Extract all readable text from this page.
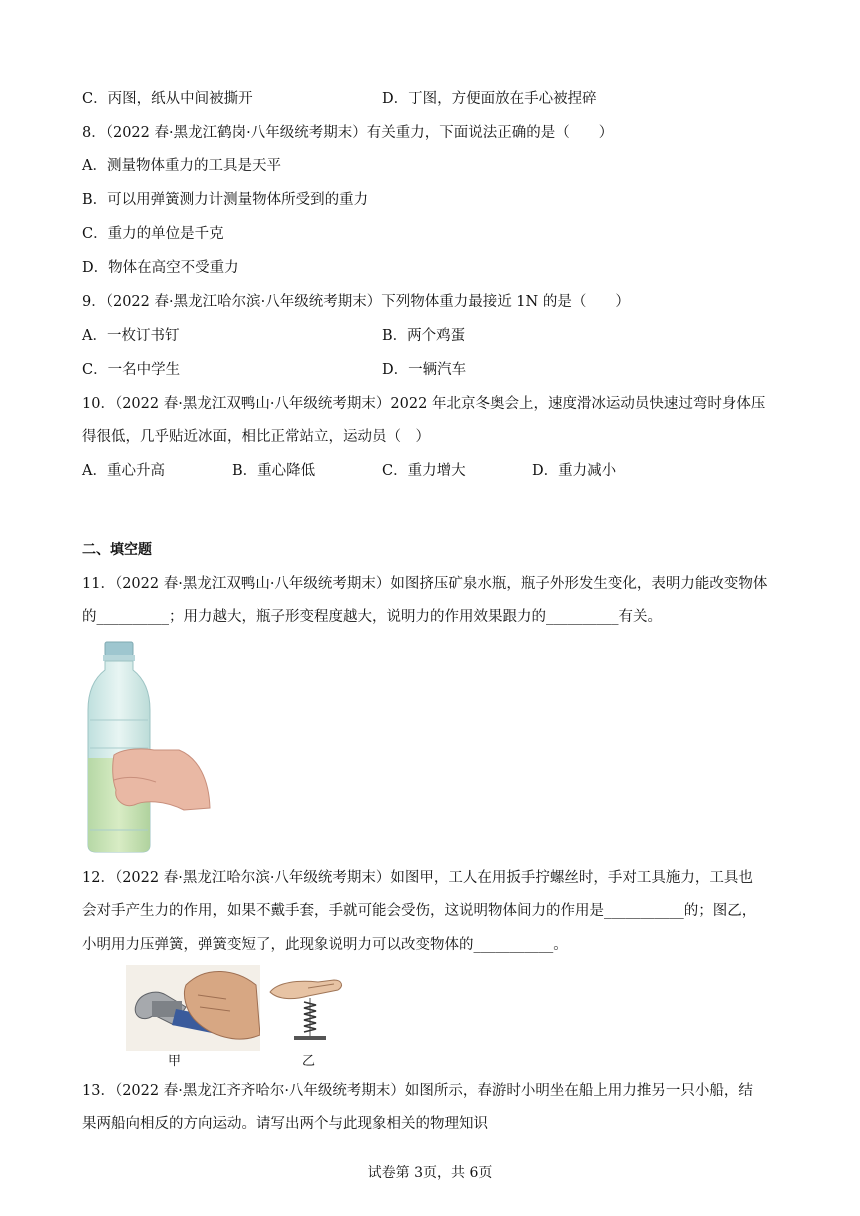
C．丙图，纸从中间被撕开	D．丁图，方便面放在手心被捏碎
8．（2022 春·黑龙江鹤岗·八年级统考期末）有关重力，下面说法正确的是（　　）
A．测量物体重力的工具是天平
B．可以用弹簧测力计测量物体所受到的重力
C．重力的单位是千克
D．物体在高空不受重力
9．（2022 春·黑龙江哈尔滨·八年级统考期末）下列物体重力最接近 1N 的是（　　）
A．一枚订书钉	B．两个鸡蛋
C．一名中学生	D．一辆汽车
10．（2022 春·黑龙江双鸭山·八年级统考期末）2022 年北京冬奥会上，速度滑冰运动员快速过弯时身体压
得很低，几乎贴近冰面，相比正常站立，运动员（　）
A．重心升高	B．重心降低	C．重力增大	D．重力减小
二、填空题
11．（2022 春·黑龙江双鸭山·八年级统考期末）如图挤压矿泉水瓶，瓶子外形发生变化，表明力能改变物体
的__________；用力越大，瓶子形变程度越大，说明力的作用效果跟力的__________有关。
12．（2022 春·黑龙江哈尔滨·八年级统考期末）如图甲，工人在用扳手拧螺丝时，手对工具施力，工具也
会对手产生力的作用，如果不戴手套，手就可能会受伤，这说明物体间力的作用是___________的；图乙，
小明用力压弹簧，弹簧变短了，此现象说明力可以改变物体的___________。
甲	乙
13．（2022 春·黑龙江齐齐哈尔·八年级统考期末）如图所示，春游时小明坐在船上用力推另一只小船，结
果两船向相反的方向运动。请写出两个与此现象相关的物理知识
试卷第 3页，共 6页
